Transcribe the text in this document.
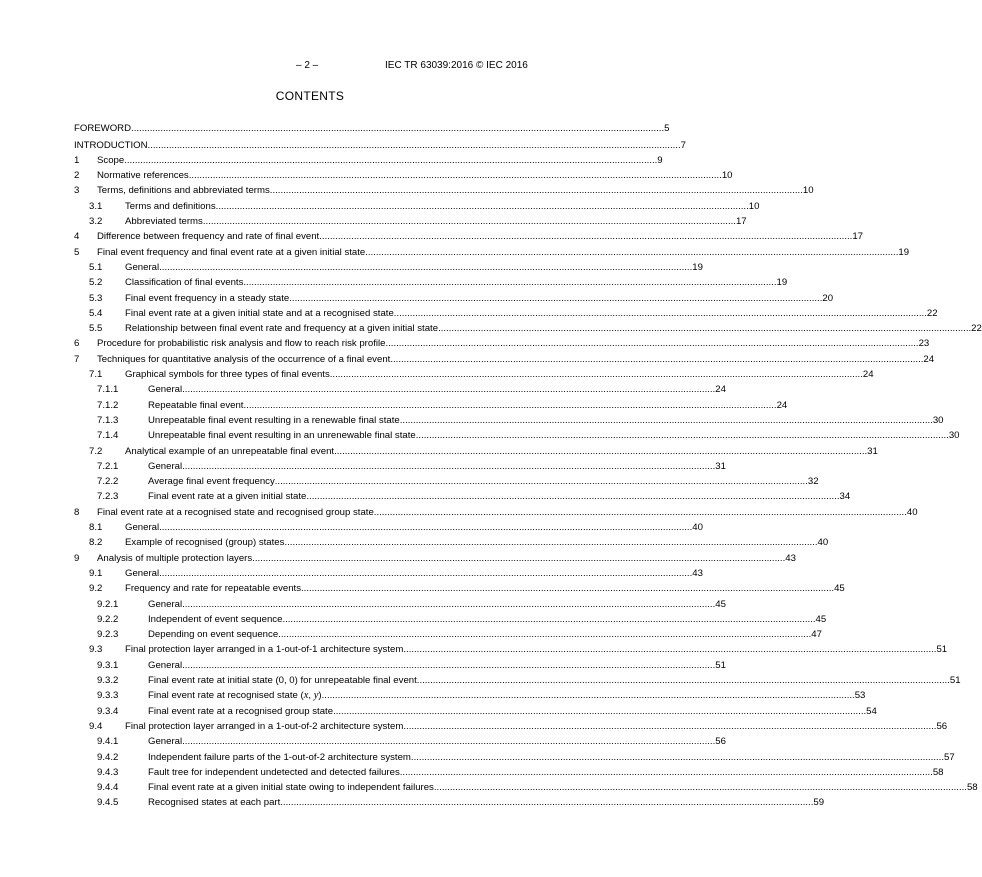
– 2 –	IEC TR 63039:2016 © IEC 2016
CONTENTS
FOREWORD .....	5
INTRODUCTION .....	7
1	Scope .....	9
2	Normative references .....	10
3	Terms, definitions and abbreviated terms .....	10
3.1	Terms and definitions .....	10
3.2	Abbreviated terms .....	17
4	Difference between frequency and rate of final event .....	17
5	Final event frequency and final event rate at a given initial state .....	19
5.1	General .....	19
5.2	Classification of final events .....	19
5.3	Final event frequency in a steady state .....	20
5.4	Final event rate at a given initial state and at a recognised state .....	22
5.5	Relationship between final event rate and frequency at a given initial state .....	22
6	Procedure for probabilistic risk analysis and flow to reach risk profile .....	23
7	Techniques for quantitative analysis of the occurrence of a final event .....	24
7.1	Graphical symbols for three types of final events .....	24
7.1.1	General .....	24
7.1.2	Repeatable final event .....	24
7.1.3	Unrepeatable final event resulting in a renewable final state .....	30
7.1.4	Unrepeatable final event resulting in an unrenewable final state .....	30
7.2	Analytical example of an unrepeatable final event .....	31
7.2.1	General .....	31
7.2.2	Average final event frequency .....	32
7.2.3	Final event rate at a given initial state .....	34
8	Final event rate at a recognised state and recognised group state .....	40
8.1	General .....	40
8.2	Example of recognised (group) states .....	40
9	Analysis of multiple protection layers .....	43
9.1	General .....	43
9.2	Frequency and rate for repeatable events .....	45
9.2.1	General .....	45
9.2.2	Independent of event sequence .....	45
9.2.3	Depending on event sequence .....	47
9.3	Final protection layer arranged in a 1-out-of-1 architecture system .....	51
9.3.1	General .....	51
9.3.2	Final event rate at initial state (0, 0) for unrepeatable final event .....	51
9.3.3	Final event rate at recognised state (x, y) .....	53
9.3.4	Final event rate at a recognised group state .....	54
9.4	Final protection layer arranged in a 1-out-of-2 architecture system .....	56
9.4.1	General .....	56
9.4.2	Independent failure parts of the 1-out-of-2 architecture system .....	57
9.4.3	Fault tree for independent undetected and detected failures .....	58
9.4.4	Final event rate at a given initial state owing to independent failures .....	58
9.4.5	Recognised states at each part .....	59
